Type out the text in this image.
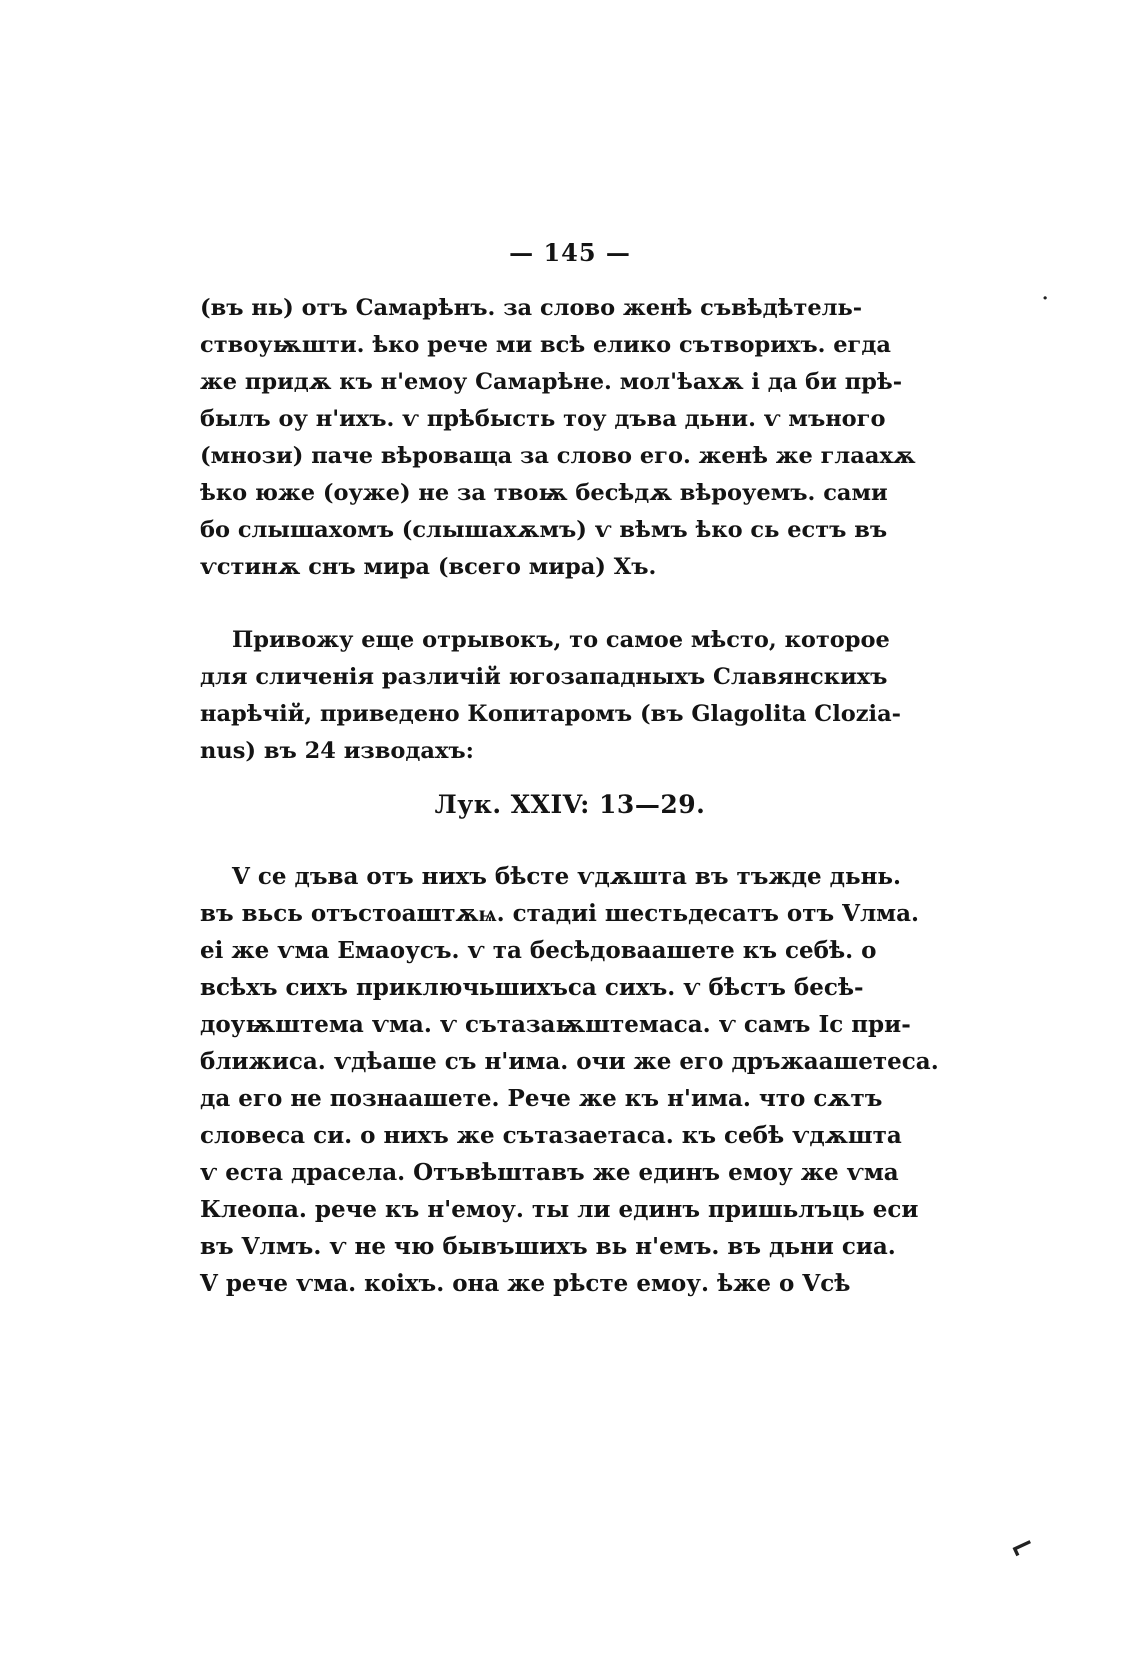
— 145 —
·
(въ нь) отъ Самарѣнъ. за слово женѣ съвѣдѣтель-
ствоуѭшти. ѣко рече ми всѣ елико сътворихъ. егда
же придѫ къ н'емоу Самарѣне. мол'ѣахѫ і да би прѣ-
былъ оу н'ихъ. ѵ прѣбысть тоу дъва дьни. ѵ мъного
(мнози) паче вѣроваща за слово его. женѣ же глаахѫ
ѣко юже (оуже) не за твоѭ бесѣдѫ вѣроуемъ. сами
бо слышахомъ (слышахѫмъ) ѵ вѣмъ ѣко сь естъ въ
ѵстинѫ снъ мира (всего мира) Хъ.
Привожу еще отрывокъ, то самое мѣсто, которое
для сличенія различій югозападныхъ Славянскихъ
нарѣчій, приведено Копитаромъ (въ Glagolita Clozia-
nus) въ 24 изводахъ:
Лук. XXIV: 13—29.
V се дъва отъ нихъ бѣсте ѵдѫшта въ тъжде дьнь.
въ вьсь отъстоаштѫѩ. стадиі шестьдесатъ отъ Vлма.
еі же ѵма Емаоусъ. ѵ та бесѣдоваашете къ себѣ. о
всѣхъ сихъ приключьшихъса сихъ. ѵ бѣстъ бесѣ-
доуѭштема ѵма. ѵ сътазаѭштемаса. ѵ самъ Іс при-
ближиса. ѵдѣаше съ н'има. очи же его дръжаашетеса.
да его не познаашете. Рече же къ н'има. что сѫтъ
словеса си. о нихъ же сътазаетаса. къ себѣ ѵдѫшта
ѵ еста драсела. Отъвѣштавъ же единъ емоу же ѵма
Клеопа. рече къ н'емоу. ты ли единъ пришьлъць еси
въ Vлмъ. ѵ не чю бывъшихъ вь н'емъ. въ дьни сиа.
V рече ѵма. коіхъ. она же рѣсте емоу. ѣже о Vсѣ
⌐
